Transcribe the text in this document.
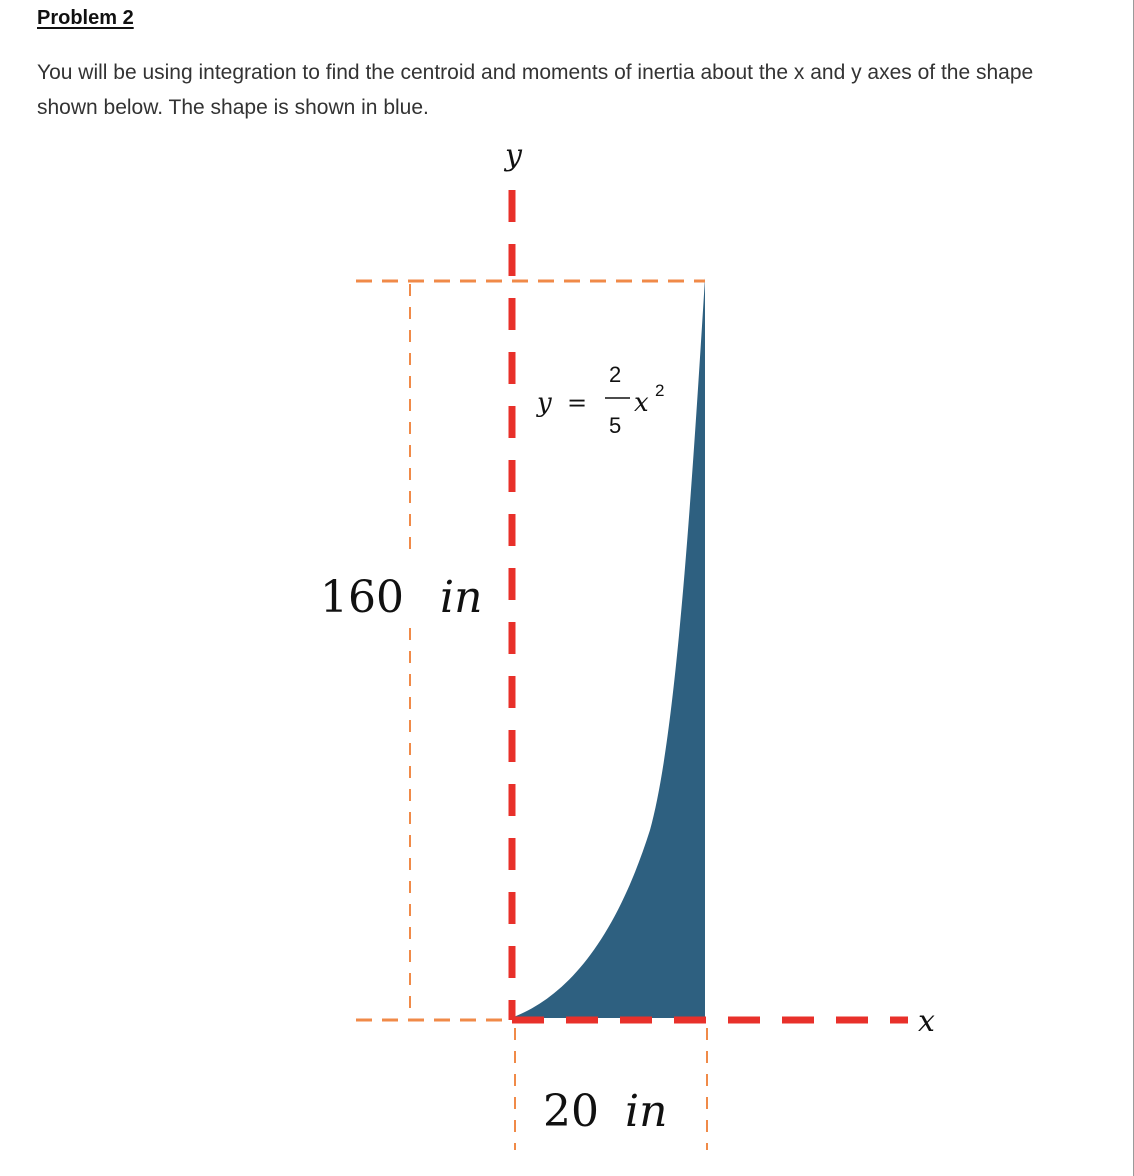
Problem 2

You will be using integration to find the centroid and moments of inertia about the x and y axes of the shape shown below. The shape is shown in blue.

y
x
y =
2
5
x 2
160 in
20 in
